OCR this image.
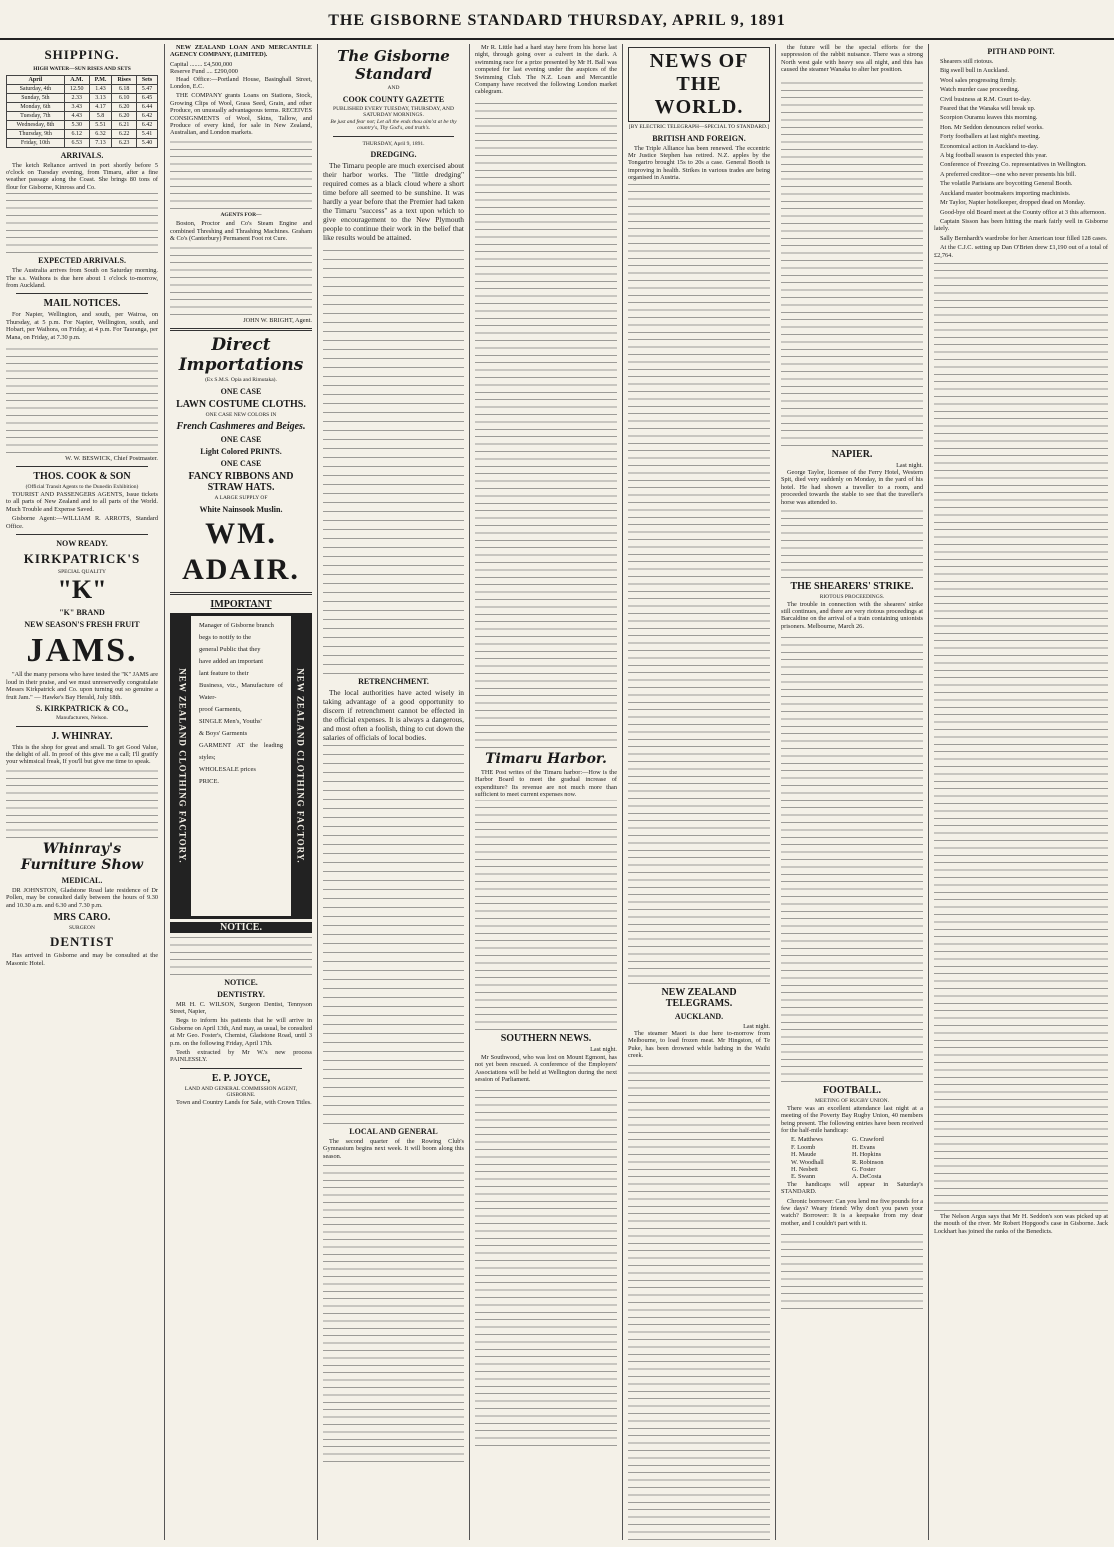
THE GISBORNE STANDARD THURSDAY, APRIL 9, 1891
SHIPPING.
HIGH WATER—SUN RISES AND SETS
April	A.M.	P.M.	Rises	Sets
Saturday, 4th	12.50	1.43	6.18	5.47
Sunday, 5th	2.33	3.13	6.10	6.45
Monday, 6th	3.43	4.17	6.20	6.44
Tuesday, 7th	4.43	5.8	6.20	6.42
Wednesday, 8th	5.30	5.51	6.21	6.42
Thursday, 9th	6.12	6.32	6.22	5.41
Friday, 10th	6.53	7.13	6.23	5.40
ARRIVALS.

The ketch Reliance arrived in port shortly before 5 o'clock on Tuesday evening, from Timaru, after a fine weather passage along the Coast. She brings 80 tons of flour for Gisborne, Kinross and Co.

EXPECTED ARRIVALS.

The Australia arrives from South on Saturday morning. The s.s. Waihora is due here about 1 o'clock to-morrow, from Auckland.

MAIL NOTICES.

For Napier, Wellington, and south, per Wairoa, on Thursday, at 5 p.m. For Napier, Wellington, south, and Hobart, per Waihora, on Friday, at 4 p.m. For Tauranga, per Mana, on Friday, at 7.30 p.m.

W. W. BESWICK, Chief Postmaster.
THOS. COOK & SON
(Official Transit Agents to the Dunedin Exhibition)

TOURIST AND PASSENGERS AGENTS, Issue tickets to all parts of New Zealand and to all parts of the World. Much Trouble and Expense Saved.

Gisborne Agent:—WILLIAM R. ARROTS, Standard Office.

NOW READY.
KIRKPATRICK'S
SPECIAL QUALITY
"K"
"K" BRAND
NEW SEASON'S FRESH FRUIT
JAMS.

"All the many persons who have tested the "K" JAMS are loud in their praise, and we must unreservedly congratulate Messrs Kirkpatrick and Co. upon turning out so genuine a fruit Jam." — Hawke's Bay Herald, July 18th.

S. KIRKPATRICK & CO.,
Manufacturers, Nelson.
J. WHINRAY.

This is the shop for great and small. To get Good Value, the delight of all. In proof of this give me a call; I'll gratify your whimsical freak, If you'll but give me time to speak.

Whinray's Furniture Show
MEDICAL.

DR JOHNSTON, Gladstone Road late residence of Dr Pollen, may be consulted daily between the hours of 9.30 and 10.30 a.m. and 6.30 and 7.30 p.m.

MRS CARO.
SURGEON
DENTIST

Has arrived in Gisborne and may be consulted at the Masonic Hotel.

NEW ZEALAND LOAN AND MERCANTILE AGENCY COMPANY, (LIMITED).

Capital ........ £4,500,000
Reserve Fund .... £290,000

Head Office:—Portland House, Basinghall Street, London, E.C.

THE COMPANY grants Loans on Stations, Stock, Growing Clips of Wool, Grass Seed, Grain, and other Produce, on unusually advantageous terms. RECEIVES CONSIGNMENTS of Wool, Skins, Tallow, and Produce of every kind, for sale in New Zealand, Australian, and London markets.

AGENTS FOR—

Boston, Proctor and Co's Steam Engine and combined Threshing and Thrashing Machines. Graham & Co's (Canterbury) Permanent Foot rot Cure.

JOHN W. BRIGHT, Agent.
Direct Importations
(Ex S.M.S. Opia and Rimutaka).
ONE CASE
LAWN COSTUME CLOTHS.
ONE CASE NEW COLORS IN
French Cashmeres and Beiges.
ONE CASE
Light Colored PRINTS.
ONE CASE
FANCY RIBBONS AND STRAW HATS.
A LARGE SUPPLY OF
White Nainsook Muslin.
WM. ADAIR.
IMPORTANT
NEW ZEALAND CLOTHING FACTORY.	NEW ZEALAND CLOTHING FACTORY.
Manager of Gisborne branch
begs to notify to the
general Public that they
have added an important
lant feature to their
Business, viz., Manufacture of Water-
proof Garments,
SINGLE Men's, Youths'
& Boys' Garments
GARMENT AT the leading styles;
WHOLESALE prices
PRICE.
NOTICE.
NOTICE.
DENTISTRY.

MR H. C. WILSON, Surgeon Dentist, Tennyson Street, Napier,

Begs to inform his patients that he will arrive in Gisborne on April 13th, And may, as usual, be consulted at Mr Geo. Foster's, Chemist, Gladstone Road, until 3 p.m. on the following Friday, April 17th.

Teeth extracted by Mr W.'s new process PAINLESSLY.

E. P. JOYCE,
LAND AND GENERAL COMMISSION AGENT, GISBORNE.

Town and Country Lands for Sale, with Crown Titles.

The Gisborne Standard
AND
COOK COUNTY GAZETTE
PUBLISHED EVERY TUESDAY, THURSDAY, AND SATURDAY MORNINGS.
Be just and fear not; Let all the ends thou aim'st at be thy country's, Thy God's, and truth's.
THURSDAY, April 9, 1891.
DREDGING.

The Timaru people are much exercised about their harbor works. The "little dredging" required comes as a black cloud where a short time before all seemed to be sunshine. It was hardly a year before that the Premier had taken the Timaru "success" as a text upon which to give encouragement to the New Plymouth people to continue their work in the belief that like results would be attained.

RETRENCHMENT.

The local authorities have acted wisely in taking advantage of a good opportunity to discern if retrenchment cannot be effected in the official expenses. It is always a dangerous, and most often a foolish, thing to cut down the salaries of officials of local bodies.

LOCAL AND GENERAL

The second quarter of the Rowing Club's Gymnasium begins next week. It will boom along this season.

Mr R. Little had a hard stay here from his horse last night, through going over a culvert in the dark. A swimming race for a prize presented by Mr H. Ball was competed for last evening under the auspices of the Swimming Club. The N.Z. Loan and Mercantile Company have received the following London market cablegram.

Timaru Harbor.

THE Post writes of the Timaru harbor:—How is the Harbor Board to meet the gradual increase of expenditure? Its revenue are not much more than sufficient to meet current expenses now.

SOUTHERN NEWS.
Last night.

Mr Southwood, who was lost on Mount Egmont, has not yet been rescued. A conference of the Employers' Associations will be held at Wellington during the next session of Parliament.

NEWS OF THE WORLD.
[BY ELECTRIC TELEGRAPH—SPECIAL TO STANDARD.]
BRITISH AND FOREIGN.

The Triple Alliance has been renewed. The eccentric Mr Justice Stephen has retired. N.Z. apples by the Tongariro brought 15s to 20s a case. General Booth is improving in health. Strikes in various trades are being organised in Austria.

NEW ZEALAND TELEGRAMS.
AUCKLAND.
Last night.

The steamer Maori is due here to-morrow from Melbourne, to load frozen meat. Mr Hingston, of Te Puke, has been drowned while bathing in the Waihi creek.

the future will be the special efforts for the suppression of the rabbit nuisance. There was a strong North west gale with heavy sea all night, and this has caused the steamer Wanaka to alter her position.

NAPIER.
Last night.

George Taylor, licensee of the Ferry Hotel, Western Spit, died very suddenly on Monday, in the yard of his hotel. He had shown a traveller to a room, and proceeded towards the stable to see that the traveller's horse was attended to.

THE SHEARERS' STRIKE.
RIOTOUS PROCEEDINGS.

The trouble in connection with the shearers' strike still continues, and there are very riotous proceedings at Barcaldine on the arrival of a train containing unionists prisoners. Melbourne, March 26.

FOOTBALL.
MEETING OF RUGBY UNION.

There was an excellent attendance last night at a meeting of the Poverty Bay Rugby Union, 40 members being present. The following entries have been received for the half-mile handicap:

E. Matthews	G. Crawford
F. Loomb	H. Evans
H. Maude	H. Hopkins
W. Woodhall	R. Robinson
H. Nesbett	G. Foster
E. Swann	A. DeCosta

The handicaps will appear in Saturday's STANDARD.

Chronic borrower: Can you lend me five pounds for a few days? Weary friend: Why don't you pawn your watch? Borrower: It is a keepsake from my dear mother, and I couldn't part with it.

PITH AND POINT.

Shearers still riotous.

Big swell bull in Auckland.

Wool sales progressing firmly.

Watch murder case proceeding.

Civil business at R.M. Court to-day.

Feared that the Wanaka will break up.

Scorpion Ouramu leaves this morning.

Hon. Mr Seddon denounces relief works.

Forty footballers at last night's meeting.

Economical action in Auckland to-day.

A big football season is expected this year.

Conference of Freezing Co. representatives in Wellington.

A preferred creditor—one who never presents his bill.

The volatile Parisians are boycotting General Booth.

Auckland master bootmakers importing machinists.

Mr Taylor, Napier hotelkeeper, dropped dead on Monday.

Good-bye old Board meet at the County office at 3 this afternoon.

Captain Sisson has been hitting the mark fairly well in Gisborne lately.

Sally Bernhardt's wardrobe for her American tour filled 128 cases.

At the C.J.C. setting up Dan O'Brien drew £1,190 out of a total of £2,764.

The Nelson Argus says that Mr H. Seddon's son was picked up at the mouth of the river. Mr Robert Hopgood's case in Gisborne. Jack Lockhart has joined the ranks of the Benedicts.
